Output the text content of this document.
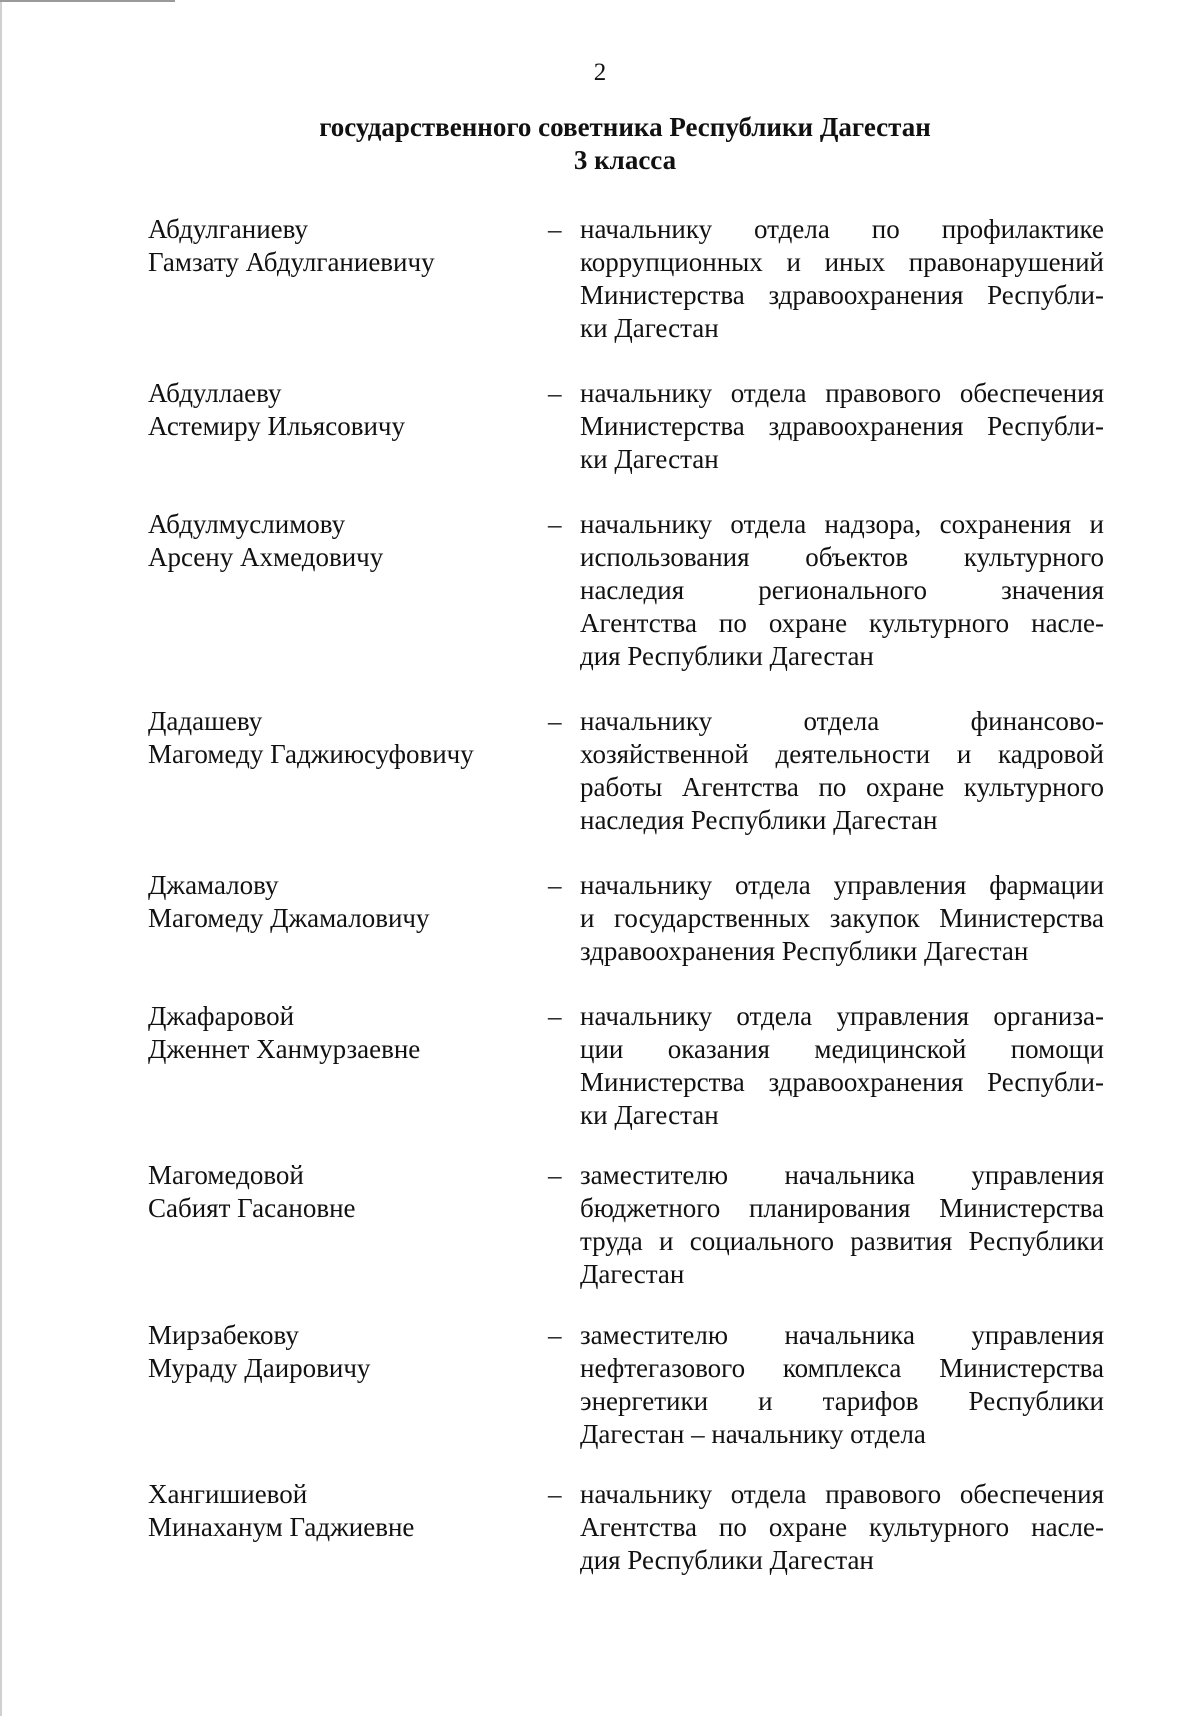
2
государственного советника Республики Дагестан
3 класса
Абдулганиеву
Гамзату Абдулганиевичу
– начальнику отдела по профилактике
коррупционных и иных правонарушений
Министерства здравоохранения Республи-
ки Дагестан
Абдуллаеву
Астемиру Ильясовичу
– начальнику отдела правового обеспечения
Министерства здравоохранения Республи-
ки Дагестан
Абдулмуслимову
Арсену Ахмедовичу
– начальнику отдела надзора, сохранения и
использования объектов культурного
наследия регионального значения
Агентства по охране культурного насле-
дия Республики Дагестан
Дадашеву
Магомеду Гаджиюсуфовичу
– начальнику отдела финансово-
хозяйственной деятельности и кадровой
работы Агентства по охране культурного
наследия Республики Дагестан
Джамалову
Магомеду Джамаловичу
– начальнику отдела управления фармации
и государственных закупок Министерства
здравоохранения Республики Дагестан
Джафаровой
Дженнет Ханмурзаевне
– начальнику отдела управления организа-
ции оказания медицинской помощи
Министерства здравоохранения Республи-
ки Дагестан
Магомедовой
Сабият Гасановне
– заместителю начальника управления
бюджетного планирования Министерства
труда и социального развития Республики
Дагестан
Мирзабекову
Мураду Даировичу
– заместителю начальника управления
нефтегазового комплекса Министерства
энергетики и тарифов Республики
Дагестан – начальнику отдела
Хангишиевой
Минаханум Гаджиевне
– начальнику отдела правового обеспечения
Агентства по охране культурного насле-
дия Республики Дагестан
